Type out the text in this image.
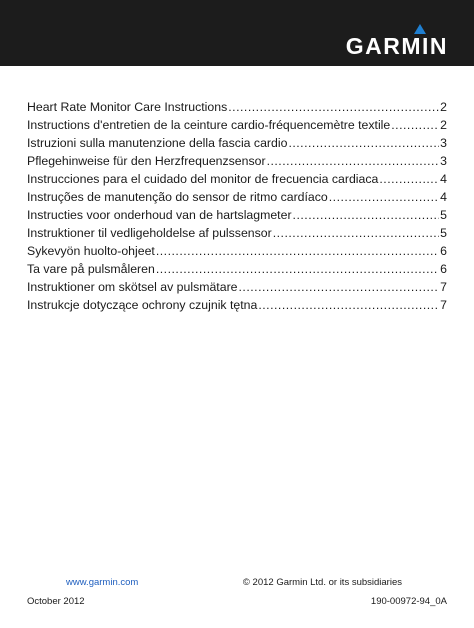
GARMIN
Heart Rate Monitor Care Instructions .....	2
Instructions d'entretien de la ceinture cardio-fréquencemètre textile .....	2
Istruzioni sulla manutenzione della fascia cardio .....	3
Pflegehinweise für den Herzfrequenzsensor .....	3
Instrucciones para el cuidado del monitor de frecuencia cardiaca .....	4
Instruções de manutenção do sensor de ritmo cardíaco .....	4
Instructies voor onderhoud van de hartslagmeter .....	5
Instruktioner til vedligeholdelse af pulssensor .....	5
Sykevyön huolto-ohjeet .....	6
Ta vare på pulsmåleren .....	6
Instruktioner om skötsel av pulsmätare .....	7
Instrukcje dotyczące ochrony czujnik tętna .....	7
www.garmin.com	© 2012 Garmin Ltd. or its subsidiaries
October 2012	190-00972-94_0A
